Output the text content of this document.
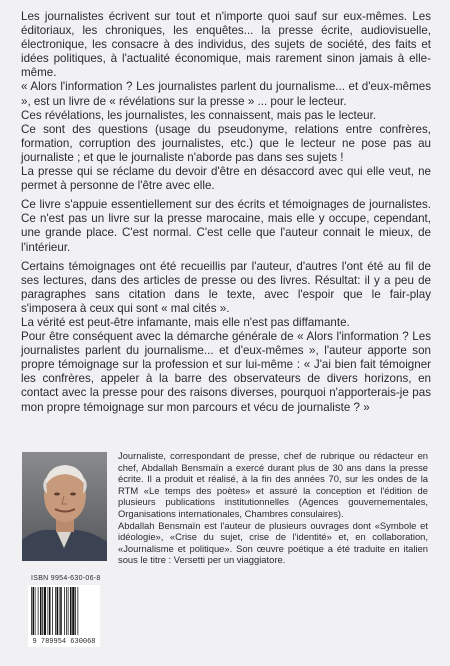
Les journalistes écrivent sur tout et n'importe quoi sauf sur eux-mêmes. Les éditoriaux, les chroniques, les enquêtes... la presse écrite, audiovisuelle, électronique, les consacre à des individus, des sujets de société, des faits et idées politiques, à l'actualité économique, mais rarement sinon jamais à elle-même.

« Alors l'information ? Les journalistes parlent du journalisme... et d'eux-mêmes », est un livre de « révélations sur la presse » ... pour le lecteur.

Ces révélations, les journalistes, les connaissent, mais pas le lecteur.

Ce sont des questions (usage du pseudonyme, relations entre confrères, formation, corruption des journalistes, etc.) que le lecteur ne pose pas au journaliste ; et que le journaliste n'aborde pas dans ses sujets !

La presse qui se réclame du devoir d'être en désaccord avec qui elle veut, ne permet à personne de l'être avec elle.

Ce livre s'appuie essentiellement sur des écrits et témoignages de journalistes. Ce n'est pas un livre sur la presse marocaine, mais elle y occupe, cependant, une grande place. C'est normal. C'est celle que l'auteur connait le mieux, de l'intérieur.

Certains témoignages ont été recueillis par l'auteur, d'autres l'ont été au fil de ses lectures, dans des articles de presse ou des livres. Résultat: il y a peu de paragraphes sans citation dans le texte, avec l'espoir que le fair-play s'imposera à ceux qui sont « mal cités ».

La vérité est peut-être infamante, mais elle n'est pas diffamante.

Pour être conséquent avec la démarche générale de « Alors l'information ? Les journalistes parlent du journalisme... et d'eux-mêmes », l'auteur apporte son propre témoignage sur la profession et sur lui-même : « J'ai bien fait témoigner les confrères, appeler à la barre des observateurs de divers horizons, en contact avec la presse pour des raisons diverses, pourquoi n'apporterais-je pas mon propre témoignage sur mon parcours et vécu de journaliste ? »

Journaliste, correspondant de presse, chef de rubrique ou rédacteur en chef, Abdallah Bensmaïn a exercé durant plus de 30 ans dans la presse écrite. Il a produit et réalisé, à la fin des années 70, sur les ondes de la RTM «Le temps des poètes» et assuré la conception et l'édition de plusieurs publications institutionnelles (Agences gouvernementales, Organisations internationales, Chambres consulaires).

Abdallah Bensmaïn est l'auteur de plusieurs ouvrages dont «Symbole et idéologie», «Crise du sujet, crise de l'identité» et, en collaboration, «Journalisme et politique». Son œuvre poétique a été traduite en italien sous le titre : Versetti per un viaggiatore.

ISBN 9954-630-06-8
9 789954 630068
